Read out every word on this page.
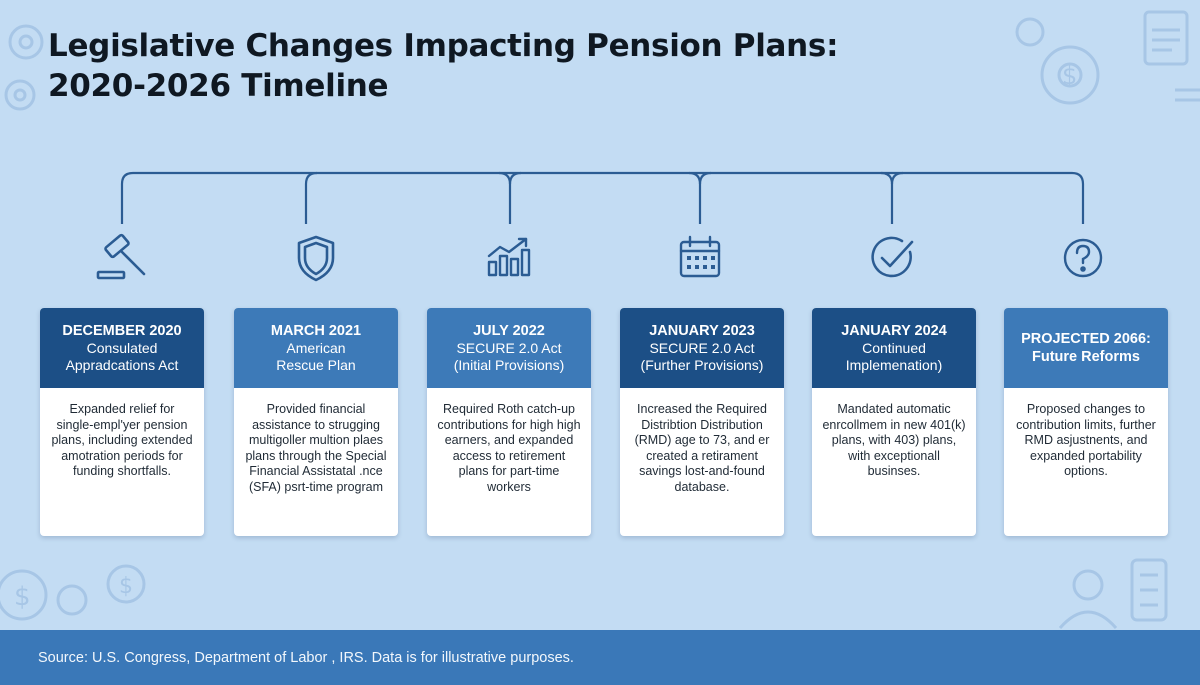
$	$
$
Legislative Changes Impacting Pension Plans:
2020-2026 Timeline
DECEMBER 2020
Consulated
Appradcations Act
Expanded relief for single-empl'yer pension plans, including extended amotration periods for funding shortfalls.
MARCH 2021
American
Rescue Plan
Provided financial assistance to strugging multigoller multion plaes plans through the Special Financial Assistatal .nce (SFA) psrt-time program
JULY 2022
SECURE 2.0 Act
(Initial Provisions)
Required Roth catch-up contributions for high high earners, and expanded access to retirement plans for part-time workers
JANUARY 2023
SECURE 2.0 Act
(Further Provisions)
Increased the Required Distribtion Distribution (RMD) age to 73, and er created a retirament savings lost-and-found database.
JANUARY 2024
Continued
Implemenation)
Mandated automatic enrcollmem in new 401(k) plans, with 403) plans, with exceptionall businses.
PROJECTED 2066:
Future Reforms
Proposed changes to contribution limits, further RMD asjustnents, and expanded portability options.
Source: U.S. Congress, Department of Labor , IRS. Data is for illustrative purposes.
